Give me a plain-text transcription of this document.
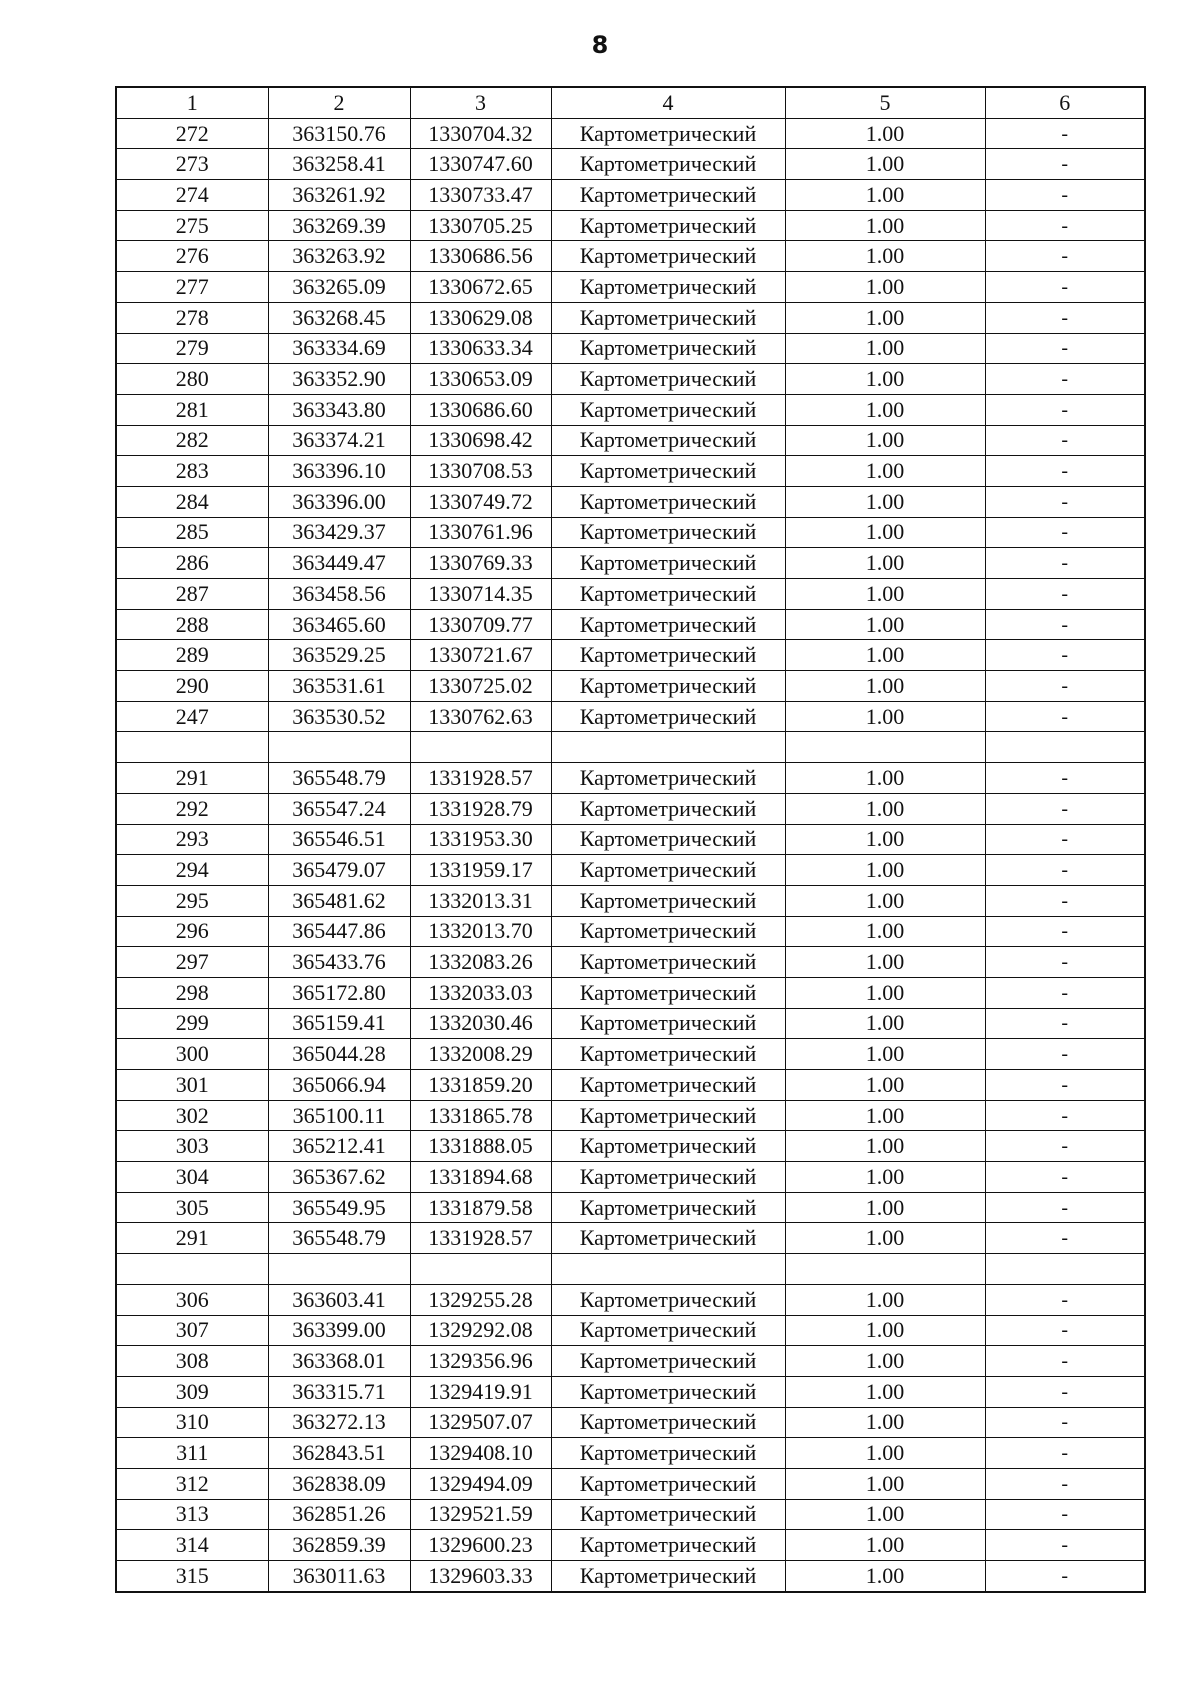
8
1	2	3	4	5	6
272	363150.76	1330704.32	Картометрический	1.00	-
273	363258.41	1330747.60	Картометрический	1.00	-
274	363261.92	1330733.47	Картометрический	1.00	-
275	363269.39	1330705.25	Картометрический	1.00	-
276	363263.92	1330686.56	Картометрический	1.00	-
277	363265.09	1330672.65	Картометрический	1.00	-
278	363268.45	1330629.08	Картометрический	1.00	-
279	363334.69	1330633.34	Картометрический	1.00	-
280	363352.90	1330653.09	Картометрический	1.00	-
281	363343.80	1330686.60	Картометрический	1.00	-
282	363374.21	1330698.42	Картометрический	1.00	-
283	363396.10	1330708.53	Картометрический	1.00	-
284	363396.00	1330749.72	Картометрический	1.00	-
285	363429.37	1330761.96	Картометрический	1.00	-
286	363449.47	1330769.33	Картометрический	1.00	-
287	363458.56	1330714.35	Картометрический	1.00	-
288	363465.60	1330709.77	Картометрический	1.00	-
289	363529.25	1330721.67	Картометрический	1.00	-
290	363531.61	1330725.02	Картометрический	1.00	-
247	363530.52	1330762.63	Картометрический	1.00	-

291	365548.79	1331928.57	Картометрический	1.00	-
292	365547.24	1331928.79	Картометрический	1.00	-
293	365546.51	1331953.30	Картометрический	1.00	-
294	365479.07	1331959.17	Картометрический	1.00	-
295	365481.62	1332013.31	Картометрический	1.00	-
296	365447.86	1332013.70	Картометрический	1.00	-
297	365433.76	1332083.26	Картометрический	1.00	-
298	365172.80	1332033.03	Картометрический	1.00	-
299	365159.41	1332030.46	Картометрический	1.00	-
300	365044.28	1332008.29	Картометрический	1.00	-
301	365066.94	1331859.20	Картометрический	1.00	-
302	365100.11	1331865.78	Картометрический	1.00	-
303	365212.41	1331888.05	Картометрический	1.00	-
304	365367.62	1331894.68	Картометрический	1.00	-
305	365549.95	1331879.58	Картометрический	1.00	-
291	365548.79	1331928.57	Картометрический	1.00	-

306	363603.41	1329255.28	Картометрический	1.00	-
307	363399.00	1329292.08	Картометрический	1.00	-
308	363368.01	1329356.96	Картометрический	1.00	-
309	363315.71	1329419.91	Картометрический	1.00	-
310	363272.13	1329507.07	Картометрический	1.00	-
311	362843.51	1329408.10	Картометрический	1.00	-
312	362838.09	1329494.09	Картометрический	1.00	-
313	362851.26	1329521.59	Картометрический	1.00	-
314	362859.39	1329600.23	Картометрический	1.00	-
315	363011.63	1329603.33	Картометрический	1.00	-
